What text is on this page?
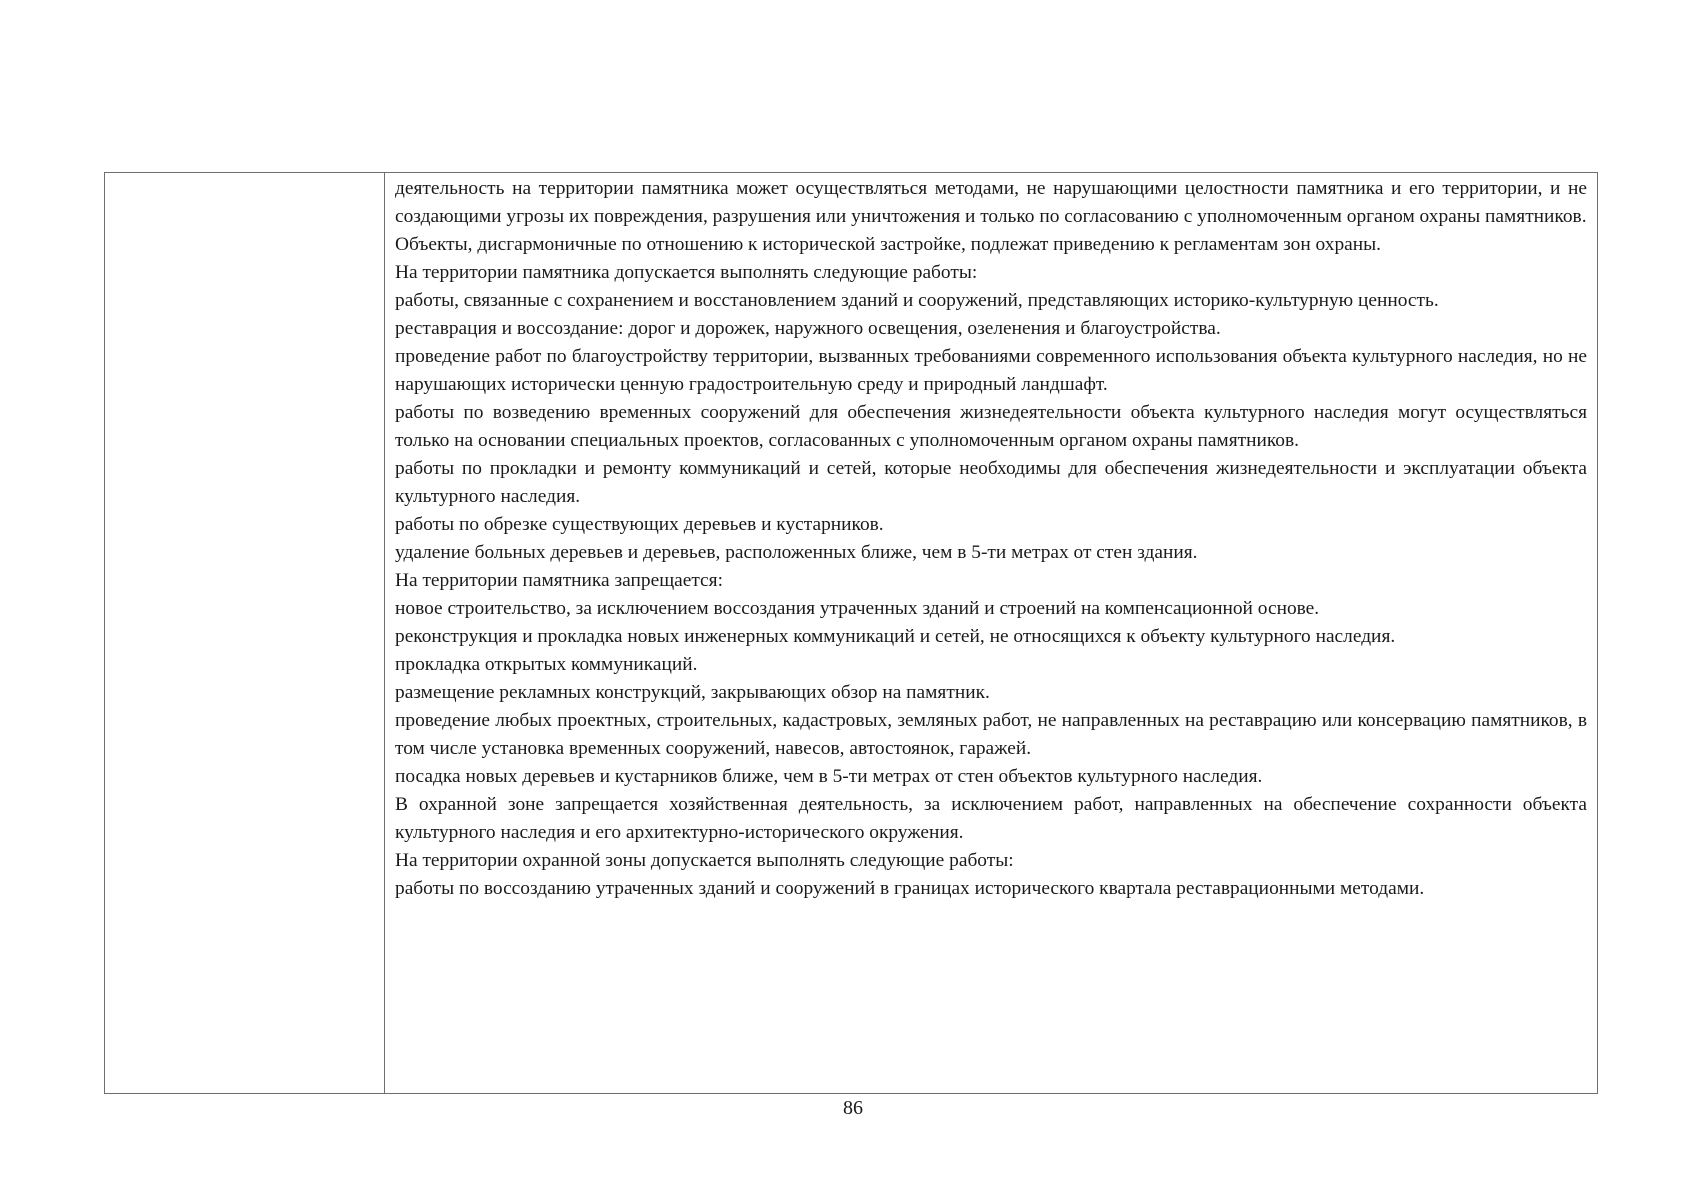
деятельность на территории памятника может осуществляться методами, не нарушающими целостности памятника и его территории, и не создающими угрозы их повреждения, разрушения или уничтожения и только по согласованию с уполномоченным органом охраны памятников.

Объекты, дисгармоничные по отношению к исторической застройке, подлежат приведению к регламентам зон охраны.

На территории памятника допускается выполнять следующие работы:

работы, связанные с сохранением и восстановлением зданий и сооружений, представляющих историко-культурную ценность.

реставрация и воссоздание: дорог и дорожек, наружного освещения, озеленения и благоустройства.

проведение работ по благоустройству территории, вызванных требованиями современного использования объекта культурного наследия, но не нарушающих исторически ценную градостроительную среду и природный ландшафт.

работы по возведению временных сооружений для обеспечения жизнедеятельности объекта культурного наследия могут осуществляться только на основании специальных проектов, согласованных с уполномоченным органом охраны памятников.

работы по прокладки и ремонту коммуникаций и сетей, которые необходимы для обеспечения жизнедеятельности и эксплуатации объекта культурного наследия.

работы по обрезке существующих деревьев и кустарников.

удаление больных деревьев и деревьев, расположенных ближе, чем в 5-ти метрах от стен здания.

На территории памятника запрещается:

новое строительство, за исключением воссоздания утраченных зданий и строений на компенсационной основе.

реконструкция и прокладка новых инженерных коммуникаций и сетей, не относящихся к объекту культурного наследия.

прокладка открытых коммуникаций.

размещение рекламных конструкций, закрывающих обзор на памятник.

проведение любых проектных, строительных, кадастровых, земляных работ, не направленных на реставрацию или консервацию памятников, в том числе установка временных сооружений, навесов, автостоянок, гаражей.

посадка новых деревьев и кустарников ближе, чем в 5-ти метрах от стен объектов культурного наследия.

В охранной зоне запрещается хозяйственная деятельность, за исключением работ, направленных на обеспечение сохранности объекта культурного наследия и его архитектурно-исторического окружения.

На территории охранной зоны допускается выполнять следующие работы:

работы по воссозданию утраченных зданий и сооружений в границах исторического квартала реставрационными методами.

86
